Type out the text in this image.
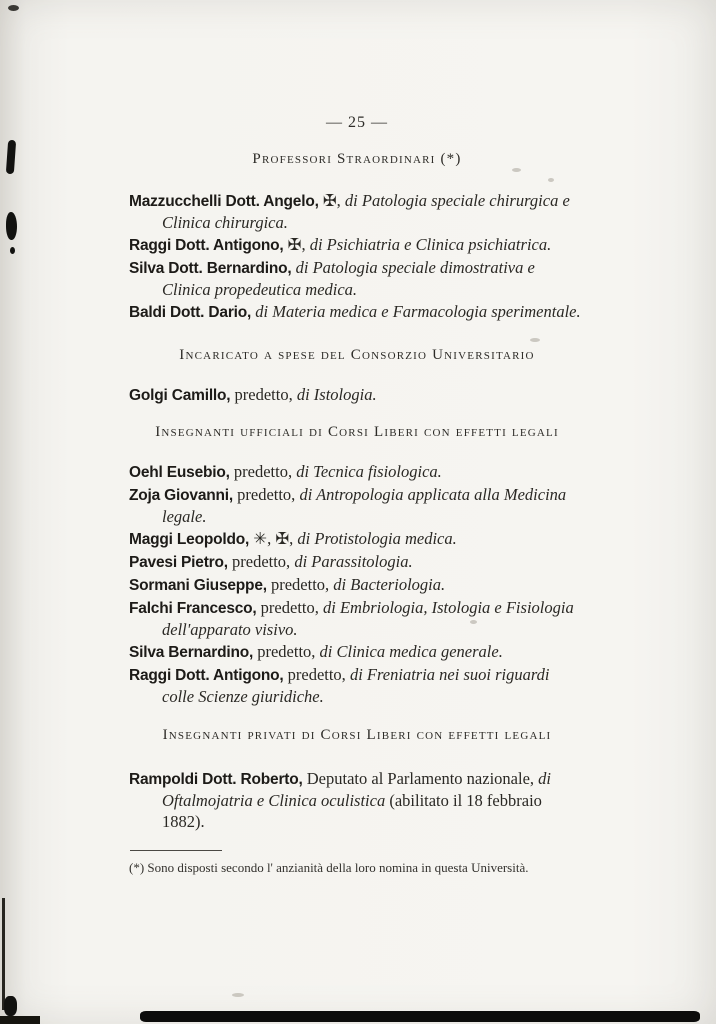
— 25 —
Professori Straordinari (*)

Mazzucchelli Dott. Angelo, ✠, di Patologia speciale chirurgica e Clinica chirurgica.

Raggi Dott. Antigono, ✠, di Psichiatria e Clinica psichiatrica.

Silva Dott. Bernardino, di Patologia speciale dimostrativa e Clinica propedeutica medica.

Baldi Dott. Dario, di Materia medica e Farmacologia sperimentale.

Incaricato a spese del Consorzio Universitario

Golgi Camillo, predetto, di Istologia.

Insegnanti ufficiali di Corsi Liberi con effetti legali

Oehl Eusebio, predetto, di Tecnica fisiologica.

Zoja Giovanni, predetto, di Antropologia applicata alla Medicina legale.

Maggi Leopoldo, ✳, ✠, di Protistologia medica.

Pavesi Pietro, predetto, di Parassitologia.

Sormani Giuseppe, predetto, di Bacteriologia.

Falchi Francesco, predetto, di Embriologia, Istologia e Fisiologia dell'apparato visivo.

Silva Bernardino, predetto, di Clinica medica generale.

Raggi Dott. Antigono, predetto, di Freniatria nei suoi riguardi colle Scienze giuridiche.

Insegnanti privati di Corsi Liberi con effetti legali

Rampoldi Dott. Roberto, Deputato al Parlamento nazionale, di Oftalmojatria e Clinica oculistica (abilitato il 18 febbraio 1882).

(*) Sono disposti secondo l' anzianità della loro nomina in questa Università.
